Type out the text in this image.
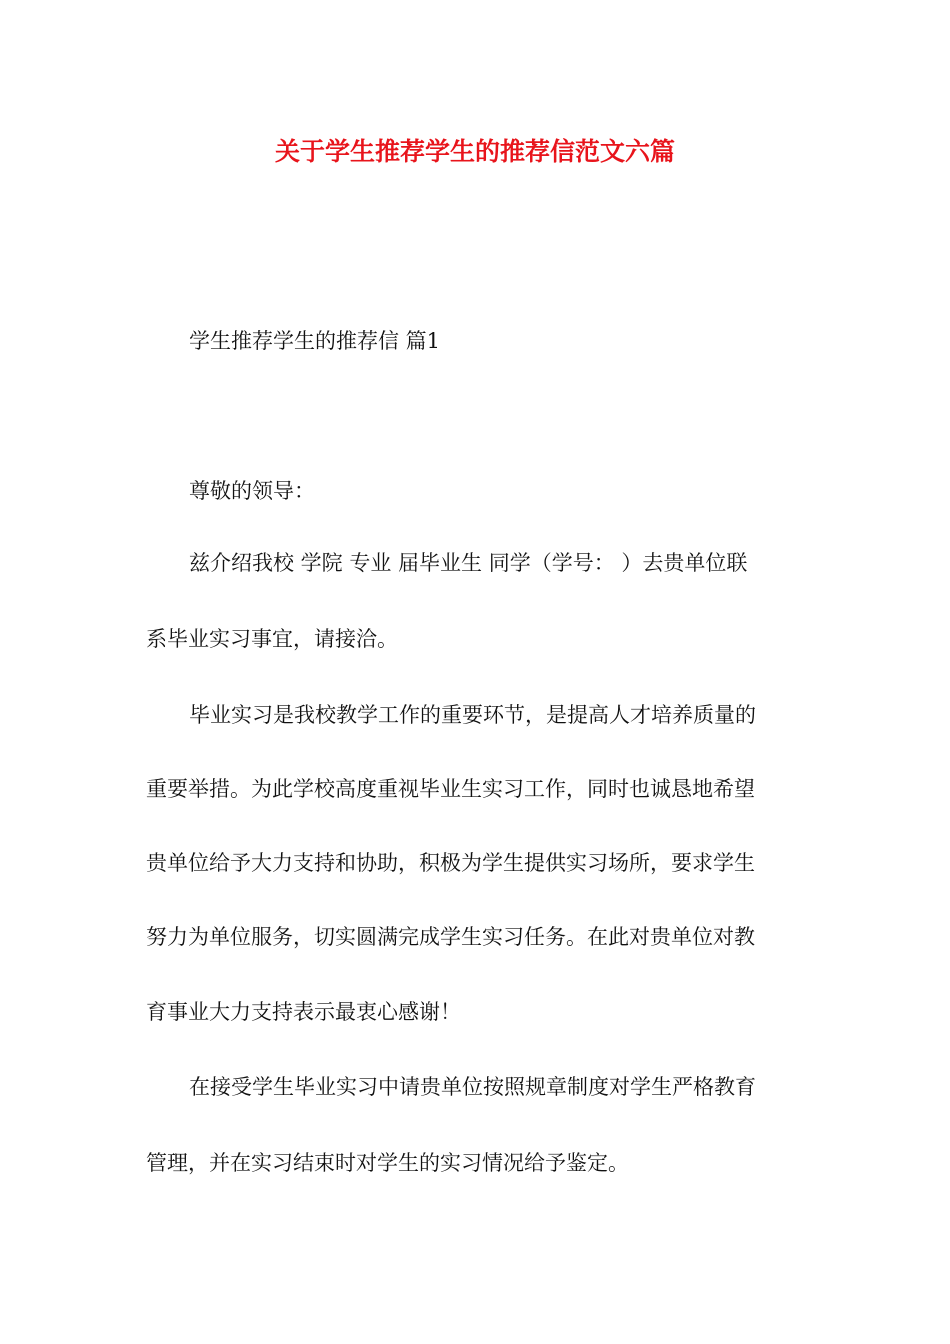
关于学生推荐学生的推荐信范文六篇
学生推荐学生的推荐信 篇1
尊敬的领导：
兹介绍我校 学院 专业 届毕业生 同学（学号： ）去贵单位联
系毕业实习事宜，请接洽。
毕业实习是我校教学工作的重要环节，是提高人才培养质量的
重要举措。为此学校高度重视毕业生实习工作，同时也诚恳地希望
贵单位给予大力支持和协助，积极为学生提供实习场所，要求学生
努力为单位服务，切实圆满完成学生实习任务。在此对贵单位对教
育事业大力支持表示最衷心感谢！
在接受学生毕业实习中请贵单位按照规章制度对学生严格教育
管理，并在实习结束时对学生的实习情况给予鉴定。
